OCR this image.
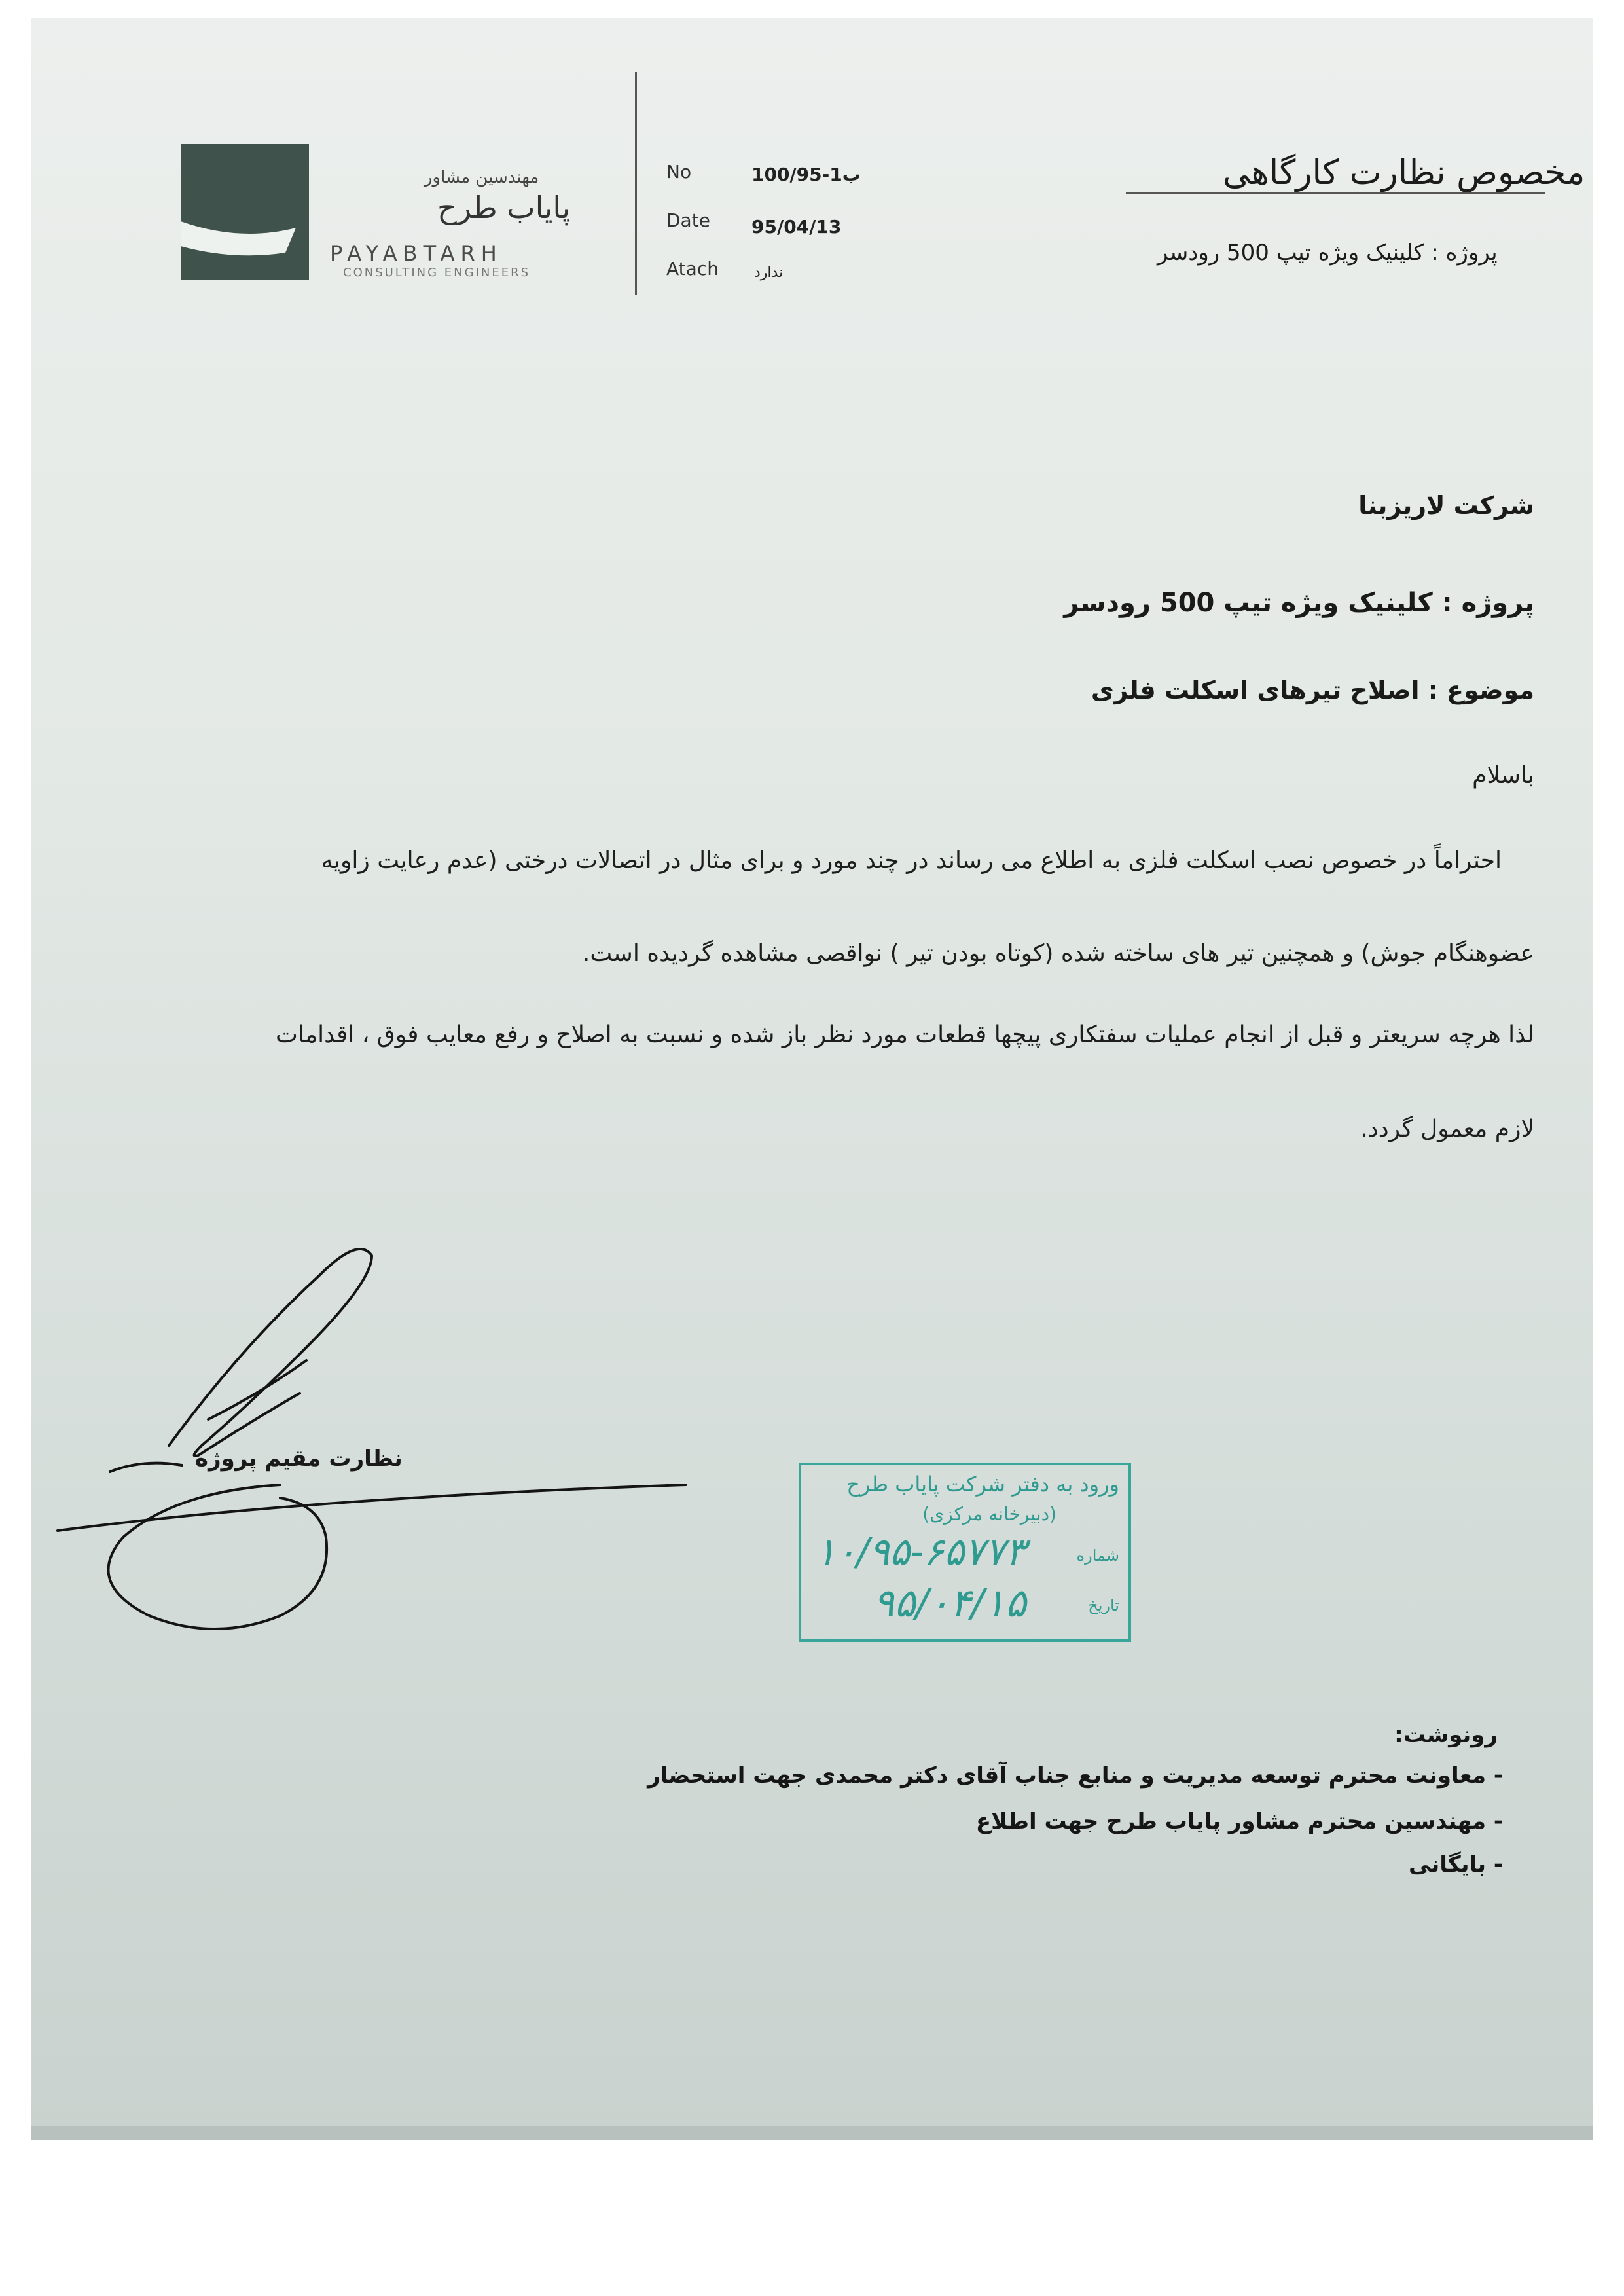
مهندسین مشاور
پایاب طرح
PAYABTARH
CONSULTING ENGINEERS
No	100/95-ب1
Date 95/04/13
Atach ندارد
مخصوص نظارت کارگاهی
پروژه : کلینیک ویژه تیپ 500 رودسر
شرکت لاریزبنا
پروژه : کلینیک ویژه تیپ 500 رودسر
موضوع : اصلاح تیرهای اسکلت فلزی
باسلام
احتراماً در خصوص نصب اسکلت فلزی به اطلاع می رساند در چند مورد و برای مثال در اتصالات درختی (عدم رعایت زاویه
عضوهنگام جوش) و همچنین تیر های ساخته شده (کوتاه بودن تیر ) نواقصی مشاهده گردیده است.
لذا هرچه سریعتر و قبل از انجام عملیات سفتکاری پیچها قطعات مورد نظر باز شده و نسبت به اصلاح و رفع معایب فوق ، اقدامات
لازم معمول گردد.
نظارت مقیم پروژه
ورود به دفتر شرکت پایاب طرح
(دبیرخانه مرکزی)
شماره
۱۰/۹۵-۶۵۷۷۳
تاریخ
۹۵/۰۴/۱۵
رونوشت:
- معاونت محترم توسعه مدیریت و منابع جناب آقای دکتر محمدی جهت استحضار
- مهندسین محترم مشاور پایاب طرح جهت اطلاع
- بایگانی
